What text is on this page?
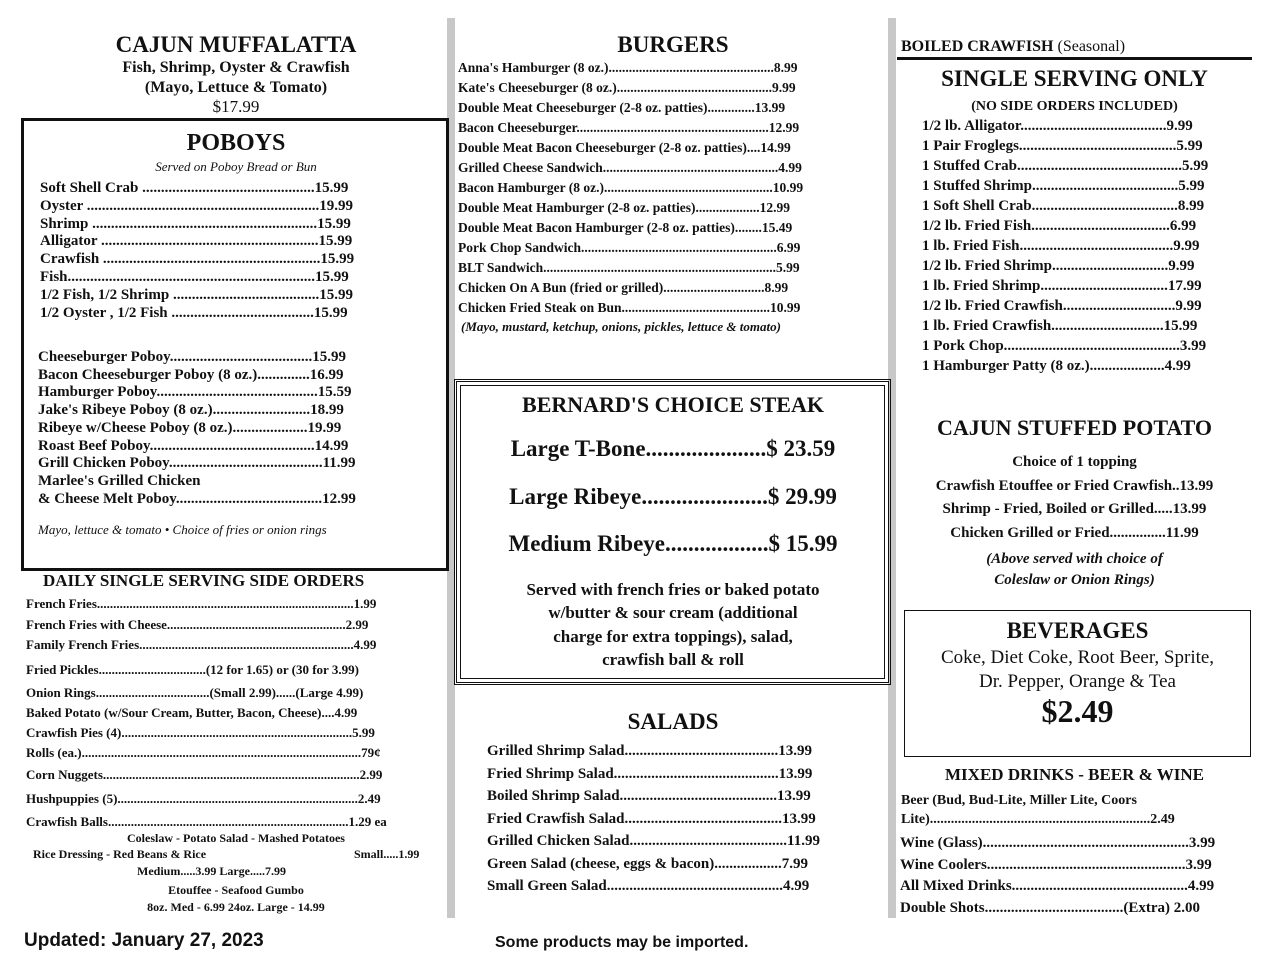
CAJUN MUFFALATTA
Fish, Shrimp, Oyster & Crawfish
(Mayo, Lettuce & Tomato)
$17.99
POBOYS
Served on Poboy Bread or Bun
Soft Shell Crab ..............................................15.99
Oyster ..............................................................19.99
Shrimp ............................................................15.99
Alligator ..........................................................15.99
Crawfish ..........................................................15.99
Fish..................................................................15.99
1/2 Fish, 1/2 Shrimp .......................................15.99
1/2 Oyster , 1/2 Fish ......................................15.99
Cheeseburger Poboy......................................15.99
Bacon Cheeseburger Poboy (8 oz.)..............16.99
Hamburger Poboy...........................................15.59
Jake's Ribeye Poboy (8 oz.)..........................18.99
Ribeye w/Cheese Poboy (8 oz.)....................19.99
Roast Beef Poboy............................................14.99
Grill Chicken Poboy.........................................11.99
Marlee's Grilled Chicken
& Cheese Melt Poboy.......................................12.99
Mayo, lettuce & tomato • Choice of fries or onion rings
DAILY SINGLE SERVING SIDE ORDERS
French Fries...............................................................................1.99
French Fries with Cheese.......................................................2.99
Family French Fries..................................................................4.99
Fried Pickles.................................(12 for 1.65) or (30 for 3.99)
Onion Rings...................................(Small 2.99)......(Large 4.99)
Baked Potato (w/Sour Cream, Butter, Bacon, Cheese)....4.99
Crawfish Pies (4).......................................................................5.99
Rolls (ea.)......................................................................................79¢
Corn Nuggets...............................................................................2.99
Hushpuppies (5)..........................................................................2.49
Crawfish Balls..........................................................................1.29 ea
Coleslaw - Potato Salad - Mashed Potatoes
Rice Dressing - Red Beans & Rice	Small.....1.99
Medium.....3.99 Large.....7.99
Etouffee - Seafood Gumbo
8oz. Med - 6.99 24oz. Large - 14.99
BURGERS
Anna's Hamburger (8 oz.).................................................8.99
Kate's Cheeseburger (8 oz.)..............................................9.99
Double Meat Cheeseburger (2-8 oz. patties)..............13.99
Bacon Cheeseburger.........................................................12.99
Double Meat Bacon Cheeseburger (2-8 oz. patties)....14.99
Grilled Cheese Sandwich....................................................4.99
Bacon Hamburger (8 oz.)..................................................10.99
Double Meat Hamburger (2-8 oz. patties)...................12.99
Double Meat Bacon Hamburger (2-8 oz. patties)........15.49
Pork Chop Sandwich..........................................................6.99
BLT Sandwich.....................................................................5.99
Chicken On A Bun (fried or grilled)..............................8.99
Chicken Fried Steak on Bun............................................10.99
(Mayo, mustard, ketchup, onions, pickles, lettuce & tomato)
BERNARD'S CHOICE STEAK
Large T-Bone.....................$ 23.59
Large Ribeye......................$ 29.99
Medium Ribeye..................$ 15.99
Served with french fries or baked potato
w/butter & sour cream (additional
charge for extra toppings), salad,
crawfish ball & roll
SALADS
Grilled Shrimp Salad.........................................13.99
Fried Shrimp Salad............................................13.99
Boiled Shrimp Salad..........................................13.99
Fried Crawfish Salad..........................................13.99
Grilled Chicken Salad..........................................11.99
Green Salad (cheese, eggs & bacon)..................7.99
Small Green Salad...............................................4.99
BOILED CRAWFISH (Seasonal)
SINGLE SERVING ONLY
(NO SIDE ORDERS INCLUDED)
1/2 lb. Alligator.......................................9.99
1 Pair Froglegs..........................................5.99
1 Stuffed Crab............................................5.99
1 Stuffed Shrimp.......................................5.99
1 Soft Shell Crab.......................................8.99
1/2 lb. Fried Fish.....................................6.99
1 lb. Fried Fish.........................................9.99
1/2 lb. Fried Shrimp...............................9.99
1 lb. Fried Shrimp..................................17.99
1/2 lb. Fried Crawfish..............................9.99
1 lb. Fried Crawfish..............................15.99
1 Pork Chop...............................................3.99
1 Hamburger Patty (8 oz.)....................4.99
CAJUN STUFFED POTATO
Choice of 1 topping
Crawfish Etouffee or Fried Crawfish..13.99
Shrimp - Fried, Boiled or Grilled.....13.99
Chicken Grilled or Fried...............11.99
(Above served with choice of
Coleslaw or Onion Rings)
BEVERAGES
Coke, Diet Coke, Root Beer, Sprite,
Dr. Pepper, Orange & Tea
$2.49
MIXED DRINKS - BEER & WINE
Beer (Bud, Bud-Lite, Miller Lite, Coors
Lite)...............................................................2.49
Wine (Glass).......................................................3.99
Wine Coolers.....................................................3.99
All Mixed Drinks...............................................4.99
Double Shots.....................................(Extra) 2.00
Updated: January 27, 2023	Some products may be imported.
